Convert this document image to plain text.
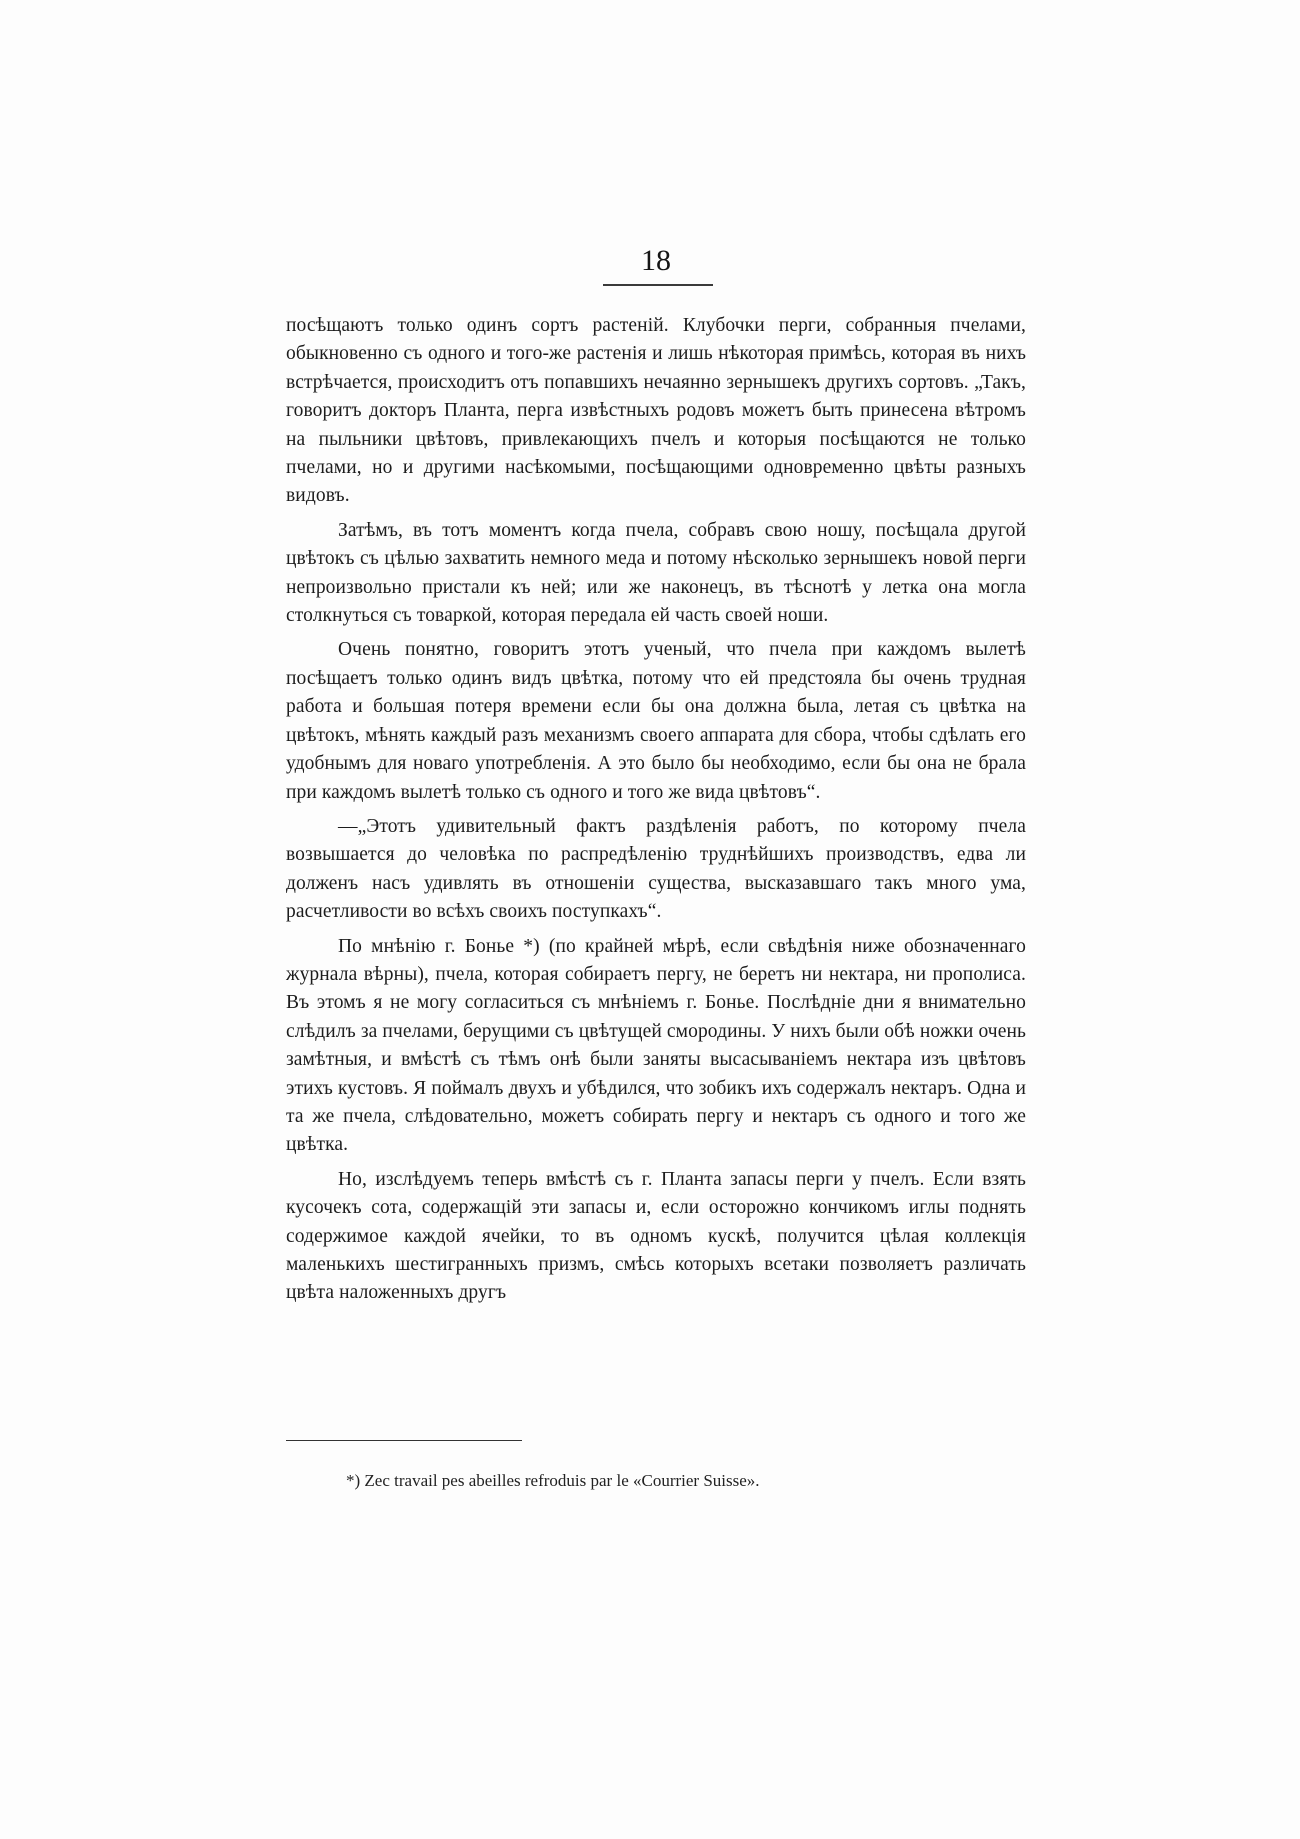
18

посѣщаютъ только одинъ сортъ растеній. Клубочки перги, собранныя пчелами, обыкновенно съ одного и того-же растенія и лишь нѣкоторая примѣсь, которая въ нихъ встрѣчается, происходитъ отъ попавшихъ нечаянно зернышекъ другихъ сортовъ. „Такъ, говоритъ докторъ Планта, перга извѣстныхъ родовъ можетъ быть принесена вѣтромъ на пыльники цвѣтовъ, привлекающихъ пчелъ и которыя посѣщаются не только пчелами, но и другими насѣкомыми, посѣщающими одновременно цвѣты разныхъ видовъ.

Затѣмъ, въ тотъ моментъ когда пчела, собравъ свою ношу, посѣщала другой цвѣтокъ съ цѣлью захватить немного меда и потому нѣсколько зернышекъ новой перги непроизвольно пристали къ ней; или же наконецъ, въ тѣснотѣ у летка она могла столкнуться съ товаркой, которая передала ей часть своей ноши.

Очень понятно, говоритъ этотъ ученый, что пчела при каждомъ вылетѣ посѣщаетъ только одинъ видъ цвѣтка, потому что ей предстояла бы очень трудная работа и большая потеря времени если бы она должна была, летая съ цвѣтка на цвѣтокъ, мѣнять каждый разъ механизмъ своего аппарата для сбора, чтобы сдѣлать его удобнымъ для новаго употребленія. А это было бы необходимо, если бы она не брала при каждомъ вылетѣ только съ одного и того же вида цвѣтовъ“.

—„Этотъ удивительный фактъ раздѣленія работъ, по которому пчела возвышается до человѣка по распредѣленію труднѣйшихъ производствъ, едва ли долженъ насъ удивлять въ отношеніи существа, высказавшаго такъ много ума, расчетливости во всѣхъ своихъ поступкахъ“.

По мнѣнію г. Бонье *) (по крайней мѣрѣ, если свѣдѣнія ниже обозначеннаго журнала вѣрны), пчела, которая собираетъ пергу, не беретъ ни нектара, ни прополиса. Въ этомъ я не могу согласиться съ мнѣніемъ г. Бонье. Послѣдніе дни я внимательно слѣдилъ за пчелами, берущими съ цвѣтущей смородины. У нихъ были обѣ ножки очень замѣтныя, и вмѣстѣ съ тѣмъ онѣ были заняты высасываніемъ нектара изъ цвѣтовъ этихъ кустовъ. Я поймалъ двухъ и убѣдился, что зобикъ ихъ содержалъ нектаръ. Одна и та же пчела, слѣдовательно, можетъ собирать пергу и нектаръ съ одного и того же цвѣтка.

Но, изслѣдуемъ теперь вмѣстѣ съ г. Планта запасы перги у пчелъ. Если взять кусочекъ сота, содержащій эти запасы и, если осторожно кончикомъ иглы поднять содержимое каждой ячейки, то въ одномъ кускѣ, получится цѣлая коллекція маленькихъ шестигранныхъ призмъ, смѣсь которыхъ всетаки позволяетъ различать цвѣта наложенныхъ другъ

*) Zec travail pes abeilles refroduis par le «Courrier Suisse».
